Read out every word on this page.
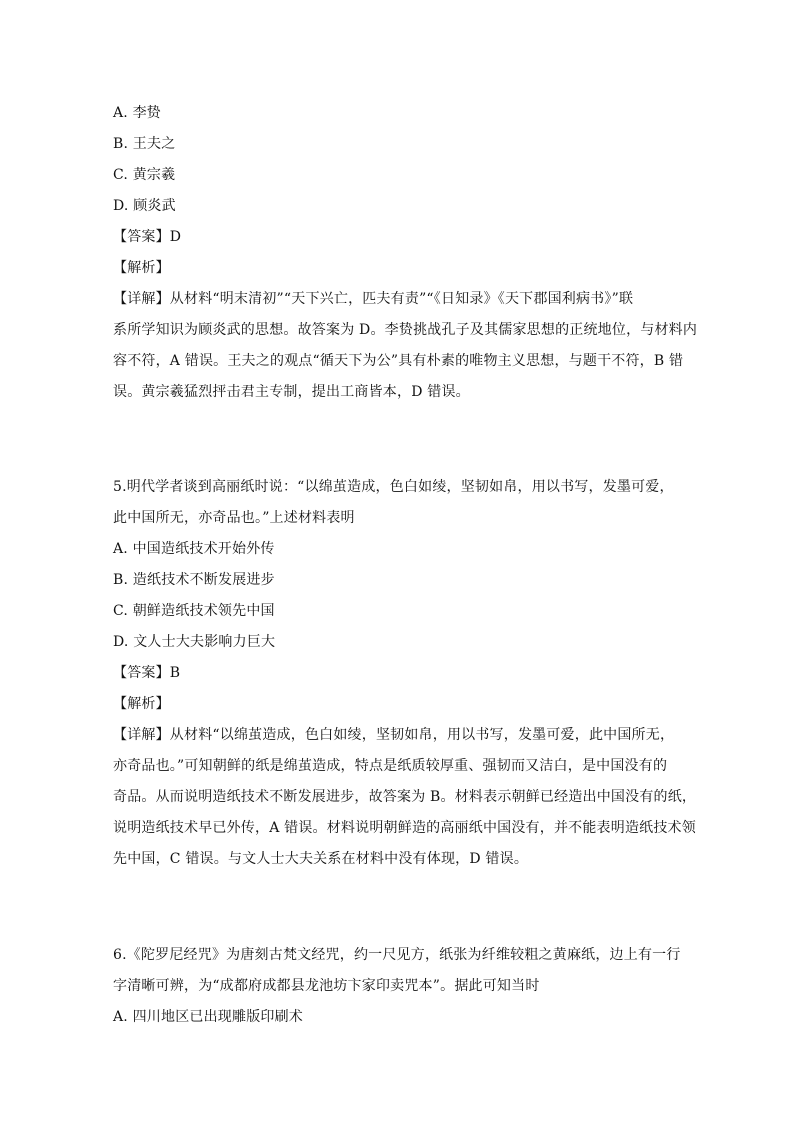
A. 李贽
B. 王夫之
C. 黄宗羲
D. 顾炎武
【答案】D
【解析】
【详解】从材料“明末清初”“天下兴亡，匹夫有责”“《日知录》《天下郡国利病书》”联
系所学知识为顾炎武的思想。故答案为 D。李贽挑战孔子及其儒家思想的正统地位，与材料内
容不符，A 错误。王夫之的观点“循天下为公”具有朴素的唯物主义思想，与题干不符，B 错
误。黄宗羲猛烈抨击君主专制，提出工商皆本，D 错误。
5.明代学者谈到高丽纸时说：“以绵茧造成，色白如绫，坚韧如帛，用以书写，发墨可爱，
此中国所无，亦奇品也。”上述材料表明
A. 中国造纸技术开始外传
B. 造纸技术不断发展进步
C. 朝鲜造纸技术领先中国
D. 文人士大夫影响力巨大
【答案】B
【解析】
【详解】从材料“以绵茧造成，色白如绫，坚韧如帛，用以书写，发墨可爱，此中国所无，
亦奇品也。”可知朝鲜的纸是绵茧造成，特点是纸质较厚重、强韧而又洁白，是中国没有的
奇品。从而说明造纸技术不断发展进步，故答案为 B。材料表示朝鲜已经造出中国没有的纸，
说明造纸技术早已外传，A 错误。材料说明朝鲜造的高丽纸中国没有，并不能表明造纸技术领
先中国，C 错误。与文人士大夫关系在材料中没有体现，D 错误。
6.《陀罗尼经咒》为唐刻古梵文经咒，约一尺见方，纸张为纤维较粗之黄麻纸，边上有一行
字清晰可辨，为“成都府成都县龙池坊卞家印卖咒本”。据此可知当时
A. 四川地区已出现雕版印刷术
